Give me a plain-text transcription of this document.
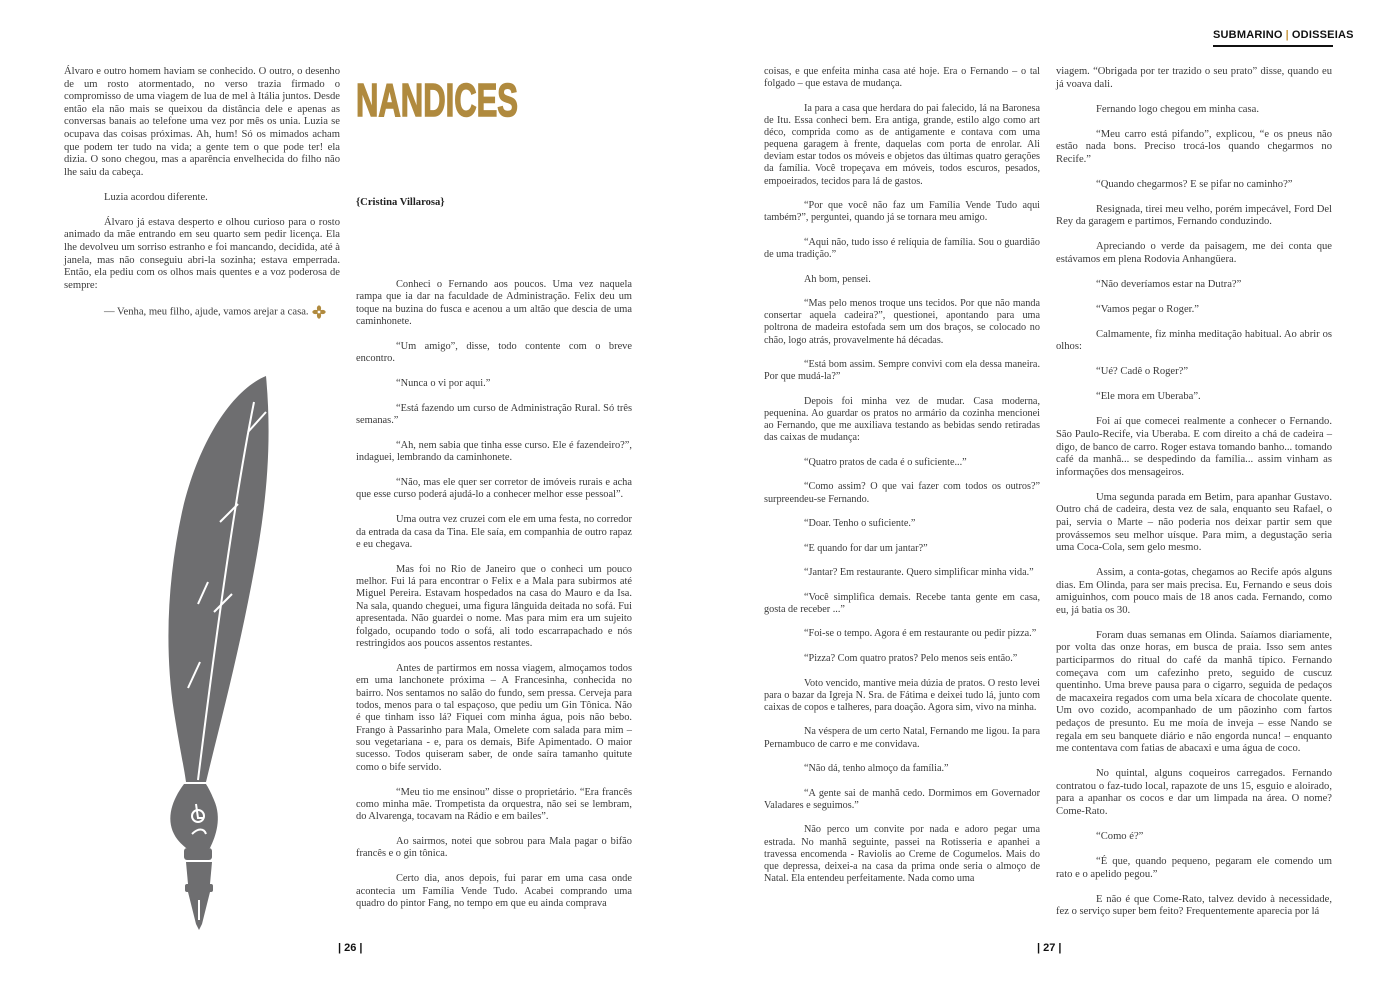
SUBMARINO | ODISSEIAS

Álvaro e outro homem haviam se conhecido. O outro, o desenho de um rosto atormentado, no verso trazia firmado o compromisso de uma viagem de lua de mel à Itália juntos. Desde então ela não mais se queixou da distância dele e apenas as conversas banais ao telefone uma vez por mês os unia. Luzia se ocupava das coisas próximas. Ah, hum! Só os mimados acham que podem ter tudo na vida; a gente tem o que pode ter! ela dizia. O sono chegou, mas a aparência envelhecida do filho não lhe saiu da cabeça.

Luzia acordou diferente.

Álvaro já estava desperto e olhou curioso para o rosto animado da mãe entrando em seu quarto sem pedir licença. Ela lhe devolveu um sorriso estranho e foi mancando, decidida, até à janela, mas não conseguiu abri-la sozinha; estava emperrada. Então, ela pediu com os olhos mais quentes e a voz poderosa de sempre:

— Venha, meu filho, ajude, vamos arejar a casa.

NANDICES
{Cristina Villarosa}

Conheci o Fernando aos poucos. Uma vez naquela rampa que ia dar na faculdade de Administração. Felix deu um toque na buzina do fusca e acenou a um altão que descia de uma caminhonete.

“Um amigo”, disse, todo contente com o breve encontro.

“Nunca o vi por aqui.”

“Está fazendo um curso de Administração Rural. Só três semanas.”

“Ah, nem sabia que tinha esse curso. Ele é fazendeiro?”, indaguei, lembrando da caminhonete.

“Não, mas ele quer ser corretor de imóveis rurais e acha que esse curso poderá ajudá-lo a conhecer melhor esse pessoal”.

Uma outra vez cruzei com ele em uma festa, no corredor da entrada da casa da Tina. Ele saía, em companhia de outro rapaz e eu chegava.

Mas foi no Rio de Janeiro que o conheci um pouco melhor. Fui lá para encontrar o Felix e a Mala para subirmos até Miguel Pereira. Estavam hospedados na casa do Mauro e da Isa. Na sala, quando cheguei, uma figura lânguida deitada no sofá. Fui apresentada. Não guardei o nome. Mas para mim era um sujeito folgado, ocupando todo o sofá, ali todo escarrapachado e nós restringidos aos poucos assentos restantes.

Antes de partirmos em nossa viagem, almoçamos todos em uma lanchonete próxima – A Francesinha, conhecida no bairro. Nos sentamos no salão do fundo, sem pressa. Cerveja para todos, menos para o tal espaçoso, que pediu um Gin Tônica. Não é que tinham isso lá? Fiquei com minha água, pois não bebo. Frango à Passarinho para Mala, Omelete com salada para mim – sou vegetariana - e, para os demais, Bife Apimentado. O maior sucesso. Todos quiseram saber, de onde saíra tamanho quitute como o bife servido.

“Meu tio me ensinou” disse o proprietário. “Era francês como minha mãe. Trompetista da orquestra, não sei se lembram, do Alvarenga, tocavam na Rádio e em bailes”.

Ao sairmos, notei que sobrou para Mala pagar o bifão francês e o gin tônica.

Certo dia, anos depois, fui parar em uma casa onde acontecia um Família Vende Tudo. Acabei comprando uma quadro do pintor Fang, no tempo em que eu ainda comprava

coisas, e que enfeita minha casa até hoje. Era o Fernando – o tal folgado – que estava de mudança.

Ia para a casa que herdara do pai falecido, lá na Baronesa de Itu. Essa conheci bem. Era antiga, grande, estilo algo como art déco, comprida como as de antigamente e contava com uma pequena garagem à frente, daquelas com porta de enrolar. Ali deviam estar todos os móveis e objetos das últimas quatro gerações da família. Você tropeçava em móveis, todos escuros, pesados, empoeirados, tecidos para lá de gastos.

“Por que você não faz um Família Vende Tudo aqui também?”, perguntei, quando já se tornara meu amigo.

“Aqui não, tudo isso é relíquia de família. Sou o guardião de uma tradição.”

Ah bom, pensei.

“Mas pelo menos troque uns tecidos. Por que não manda consertar aquela cadeira?”, questionei, apontando para uma poltrona de madeira estofada sem um dos braços, se colocado no chão, logo atrás, provavelmente há décadas.

“Está bom assim. Sempre convivi com ela dessa maneira. Por que mudá-la?”

Depois foi minha vez de mudar. Casa moderna, pequenina. Ao guardar os pratos no armário da cozinha mencionei ao Fernando, que me auxiliava testando as bebidas sendo retiradas das caixas de mudança:

“Quatro pratos de cada é o suficiente...”

“Como assim? O que vai fazer com todos os outros?” surpreendeu-se Fernando.

“Doar. Tenho o suficiente.”

“E quando for dar um jantar?”

“Jantar? Em restaurante. Quero simplificar minha vida.”

“Você simplifica demais. Recebe tanta gente em casa, gosta de receber ...”

“Foi-se o tempo. Agora é em restaurante ou pedir pizza.”

“Pizza? Com quatro pratos? Pelo menos seis então.”

Voto vencido, mantive meia dúzia de pratos. O resto levei para o bazar da Igreja N. Sra. de Fátima e deixei tudo lá, junto com caixas de copos e talheres, para doação. Agora sim, vivo na minha.

Na véspera de um certo Natal, Fernando me ligou. Ia para Pernambuco de carro e me convidava.

“Não dá, tenho almoço da família.”

“A gente sai de manhã cedo. Dormimos em Governador Valadares e seguimos.”

Não perco um convite por nada e adoro pegar uma estrada. No manhã seguinte, passei na Rotisseria e apanhei a travessa encomenda - Raviolis ao Creme de Cogumelos. Mais do que depressa, deixei-a na casa da prima onde seria o almoço de Natal. Ela entendeu perfeitamente. Nada como uma

viagem. “Obrigada por ter trazido o seu prato” disse, quando eu já voava dali.

Fernando logo chegou em minha casa.

“Meu carro está pifando”, explicou, “e os pneus não estão nada bons. Preciso trocá-los quando chegarmos no Recife.”

“Quando chegarmos? E se pifar no caminho?”

Resignada, tirei meu velho, porém impecável, Ford Del Rey da garagem e partimos, Fernando conduzindo.

Apreciando o verde da paisagem, me dei conta que estávamos em plena Rodovia Anhangüera.

“Não deveríamos estar na Dutra?”

“Vamos pegar o Roger.”

Calmamente, fiz minha meditação habitual. Ao abrir os olhos:

“Ué? Cadê o Roger?”

“Ele mora em Uberaba”.

Foi aí que comecei realmente a conhecer o Fernando. São Paulo-Recife, via Uberaba. E com direito a chá de cadeira – digo, de banco de carro. Roger estava tomando banho... tomando café da manhã... se despedindo da família... assim vinham as informações dos mensageiros.

Uma segunda parada em Betim, para apanhar Gustavo. Outro chá de cadeira, desta vez de sala, enquanto seu Rafael, o pai, servia o Marte – não poderia nos deixar partir sem que provássemos seu melhor uísque. Para mim, a degustação seria uma Coca-Cola, sem gelo mesmo.

Assim, a conta-gotas, chegamos ao Recife após alguns dias. Em Olinda, para ser mais precisa. Eu, Fernando e seus dois amiguinhos, com pouco mais de 18 anos cada. Fernando, como eu, já batia os 30.

Foram duas semanas em Olinda. Saíamos diariamente, por volta das onze horas, em busca de praia. Isso sem antes participarmos do ritual do café da manhã típico. Fernando começava com um cafezinho preto, seguido de cuscuz quentinho. Uma breve pausa para o cigarro, seguida de pedaços de macaxeira regados com uma bela xícara de chocolate quente. Um ovo cozido, acompanhado de um pãozinho com fartos pedaços de presunto. Eu me moía de inveja – esse Nando se regala em seu banquete diário e não engorda nunca! – enquanto me contentava com fatias de abacaxi e uma água de coco.

No quintal, alguns coqueiros carregados. Fernando contratou o faz-tudo local, rapazote de uns 15, esguio e aloirado, para a apanhar os cocos e dar um limpada na área. O nome? Come-Rato.

“Como é?”

“É que, quando pequeno, pegaram ele comendo um rato e o apelido pegou.”

E não é que Come-Rato, talvez devido à necessidade, fez o serviço super bem feito? Frequentemente aparecia por lá

| 26 |	| 27 |
